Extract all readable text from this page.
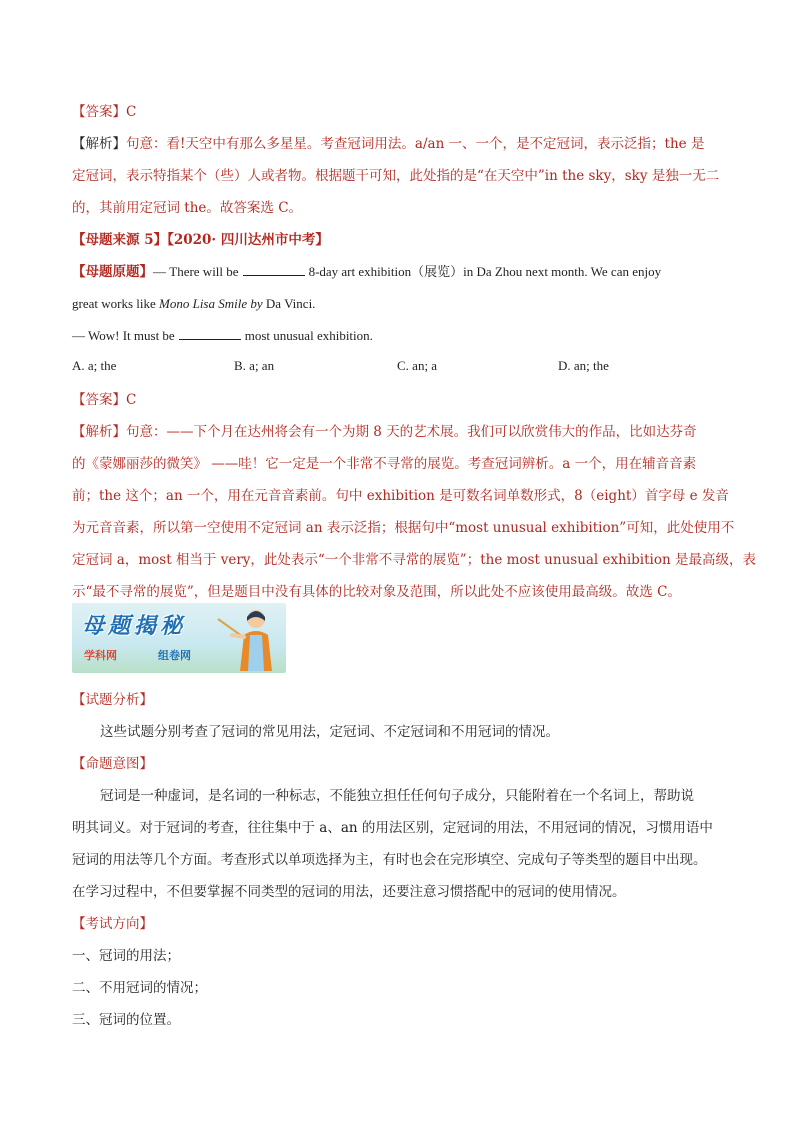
【答案】C
【解析】句意：看!天空中有那么多星星。考查冠词用法。a/an 一、一个，是不定冠词，表示泛指；the 是
定冠词，表示特指某个（些）人或者物。根据题干可知，此处指的是“在天空中”in the sky，sky 是独一无二
的，其前用定冠词 the。故答案选 C。
【母题来源 5】【2020· 四川达州市中考】
【母题原题】— There will be	8-day art exhibition（展览）in Da Zhou next month. We can enjoy
great works like Mono Lisa Smile by Da Vinci.
— Wow! It must be	most unusual exhibition.
A. a; the	B. a; an	C. an; a	D. an; the
【答案】C
【解析】句意：——下个月在达州将会有一个为期 8 天的艺术展。我们可以欣赏伟大的作品，比如达芬奇
的《蒙娜丽莎的微笑》 ——哇！它一定是一个非常不寻常的展览。考查冠词辨析。a 一个，用在辅音音素
前；the 这个；an 一个，用在元音音素前。句中 exhibition 是可数名词单数形式，8（eight）首字母 e 发音
为元音音素，所以第一空使用不定冠词 an 表示泛指；根据句中“most unusual exhibition”可知，此处使用不
定冠词 a，most 相当于 very，此处表示“一个非常不寻常的展览”；the most unusual exhibition 是最高级，表
示“最不寻常的展览”，但是题目中没有具体的比较对象及范围，所以此处不应该使用最高级。故选 C。
母题揭秘
学科网	组卷网
【试题分析】
这些试题分别考查了冠词的常见用法，定冠词、不定冠词和不用冠词的情况。
【命题意图】
冠词是一种虚词，是名词的一种标志，不能独立担任任何句子成分，只能附着在一个名词上，帮助说
明其词义。对于冠词的考查，往往集中于 a、an 的用法区别，定冠词的用法，不用冠词的情况，习惯用语中
冠词的用法等几个方面。考查形式以单项选择为主，有时也会在完形填空、完成句子等类型的题目中出现。
在学习过程中，不但要掌握不同类型的冠词的用法，还要注意习惯搭配中的冠词的使用情况。
【考试方向】
一、冠词的用法；
二、不用冠词的情况；
三、冠词的位置。
